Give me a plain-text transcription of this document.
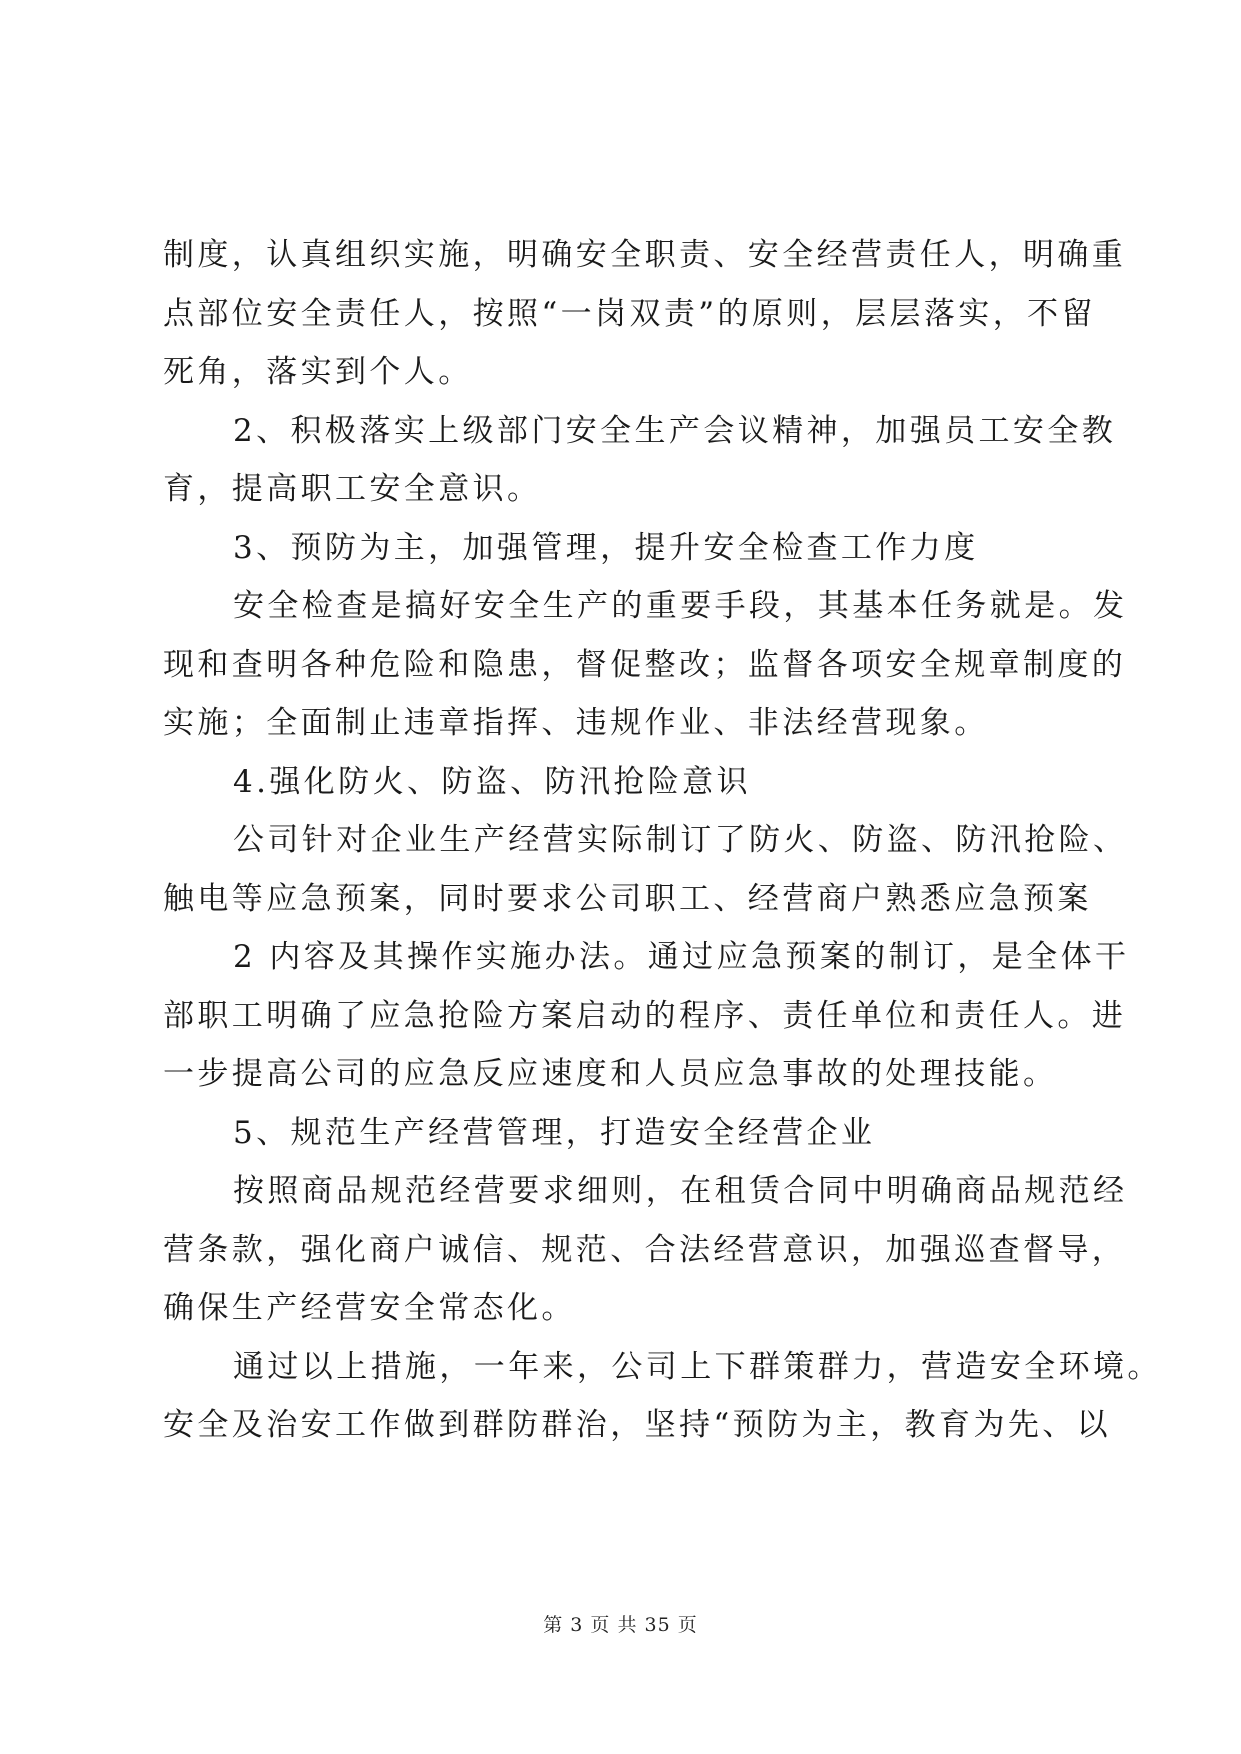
制度，认真组织实施，明确安全职责、安全经营责任人，明确重
点部位安全责任人，按照“一岗双责”的原则，层层落实，不留
死角，落实到个人。
2、积极落实上级部门安全生产会议精神，加强员工安全教
育，提高职工安全意识。
3、预防为主，加强管理，提升安全检查工作力度
安全检查是搞好安全生产的重要手段，其基本任务就是。发
现和查明各种危险和隐患，督促整改；监督各项安全规章制度的
实施；全面制止违章指挥、违规作业、非法经营现象。
4.强化防火、防盗、防汛抢险意识
公司针对企业生产经营实际制订了防火、防盗、防汛抢险、
触电等应急预案，同时要求公司职工、经营商户熟悉应急预案
2 内容及其操作实施办法。通过应急预案的制订，是全体干
部职工明确了应急抢险方案启动的程序、责任单位和责任人。进
一步提高公司的应急反应速度和人员应急事故的处理技能。
5、规范生产经营管理，打造安全经营企业
按照商品规范经营要求细则，在租赁合同中明确商品规范经
营条款，强化商户诚信、规范、合法经营意识，加强巡查督导，
确保生产经营安全常态化。
通过以上措施，一年来，公司上下群策群力，营造安全环境。
安全及治安工作做到群防群治，坚持“预防为主，教育为先、以
第 3 页 共 35 页
